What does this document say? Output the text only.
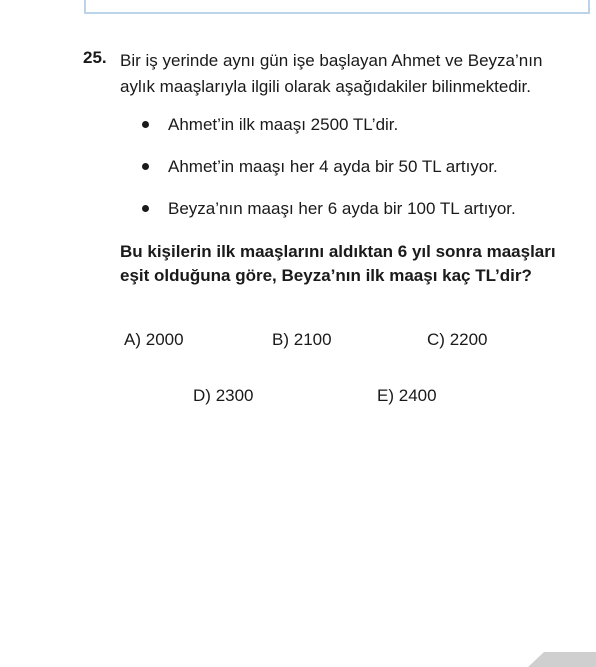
25. Bir iş yerinde aynı gün işe başlayan Ahmet ve Beyza’nın aylık maaşlarıyla ilgili olarak aşağıdakiler bilinmektedir.
Ahmet’in ilk maaşı 2500 TL’dir.
Ahmet’in maaşı her 4 ayda bir 50 TL artıyor.
Beyza’nın maaşı her 6 ayda bir 100 TL artıyor.
Bu kişilerin ilk maaşlarını aldıktan 6 yıl sonra maaşları eşit olduğuna göre, Beyza’nın ilk maaşı kaç TL’dir?
A) 2000	B) 2100	C) 2200
D) 2300	E) 2400
